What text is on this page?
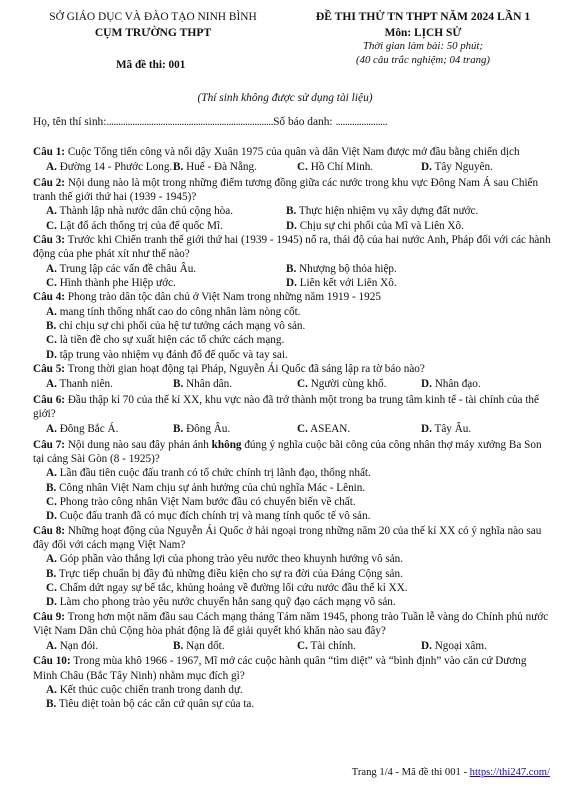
SỞ GIÁO DỤC VÀ ĐÀO TẠO NINH BÌNH
CỤM TRƯỜNG THPT
Mã đề thi: 001
ĐỀ THI THỬ TN THPT NĂM 2024 LẦN 1
Môn: LỊCH SỬ
Thời gian làm bài: 50 phút;
(40 câu trắc nghiệm; 04 trang)
(Thí sinh không được sử dụng tài liệu)
Họ, tên thí sinh:.......................................................................Số báo danh: ......................
Câu 1: Cuộc Tổng tiến công và nổi dậy Xuân 1975 của quân và dân Việt Nam được mở đầu bằng chiến dịch
A. Đường 14 - Phước Long. B. Huế - Đà Nẵng.	C. Hồ Chí Minh.	D. Tây Nguyên.
Câu 2: Nội dung nào là một trong những điểm tương đồng giữa các nước trong khu vực Đông Nam Á sau Chiến tranh thế giới thứ hai (1939 - 1945)?
A. Thành lập nhà nước dân chủ cộng hòa.	B. Thực hiện nhiệm vụ xây dựng đất nước.
C. Lật đổ ách thống trị của đế quốc Mĩ.	D. Chịu sự chi phối của Mĩ và Liên Xô.
Câu 3: Trước khi Chiến tranh thế giới thứ hai (1939 - 1945) nổ ra, thái độ của hai nước Anh, Pháp đối với các hành động của phe phát xít như thế nào?
A. Trung lập các vấn đề châu Âu.	B. Nhượng bộ thỏa hiệp.
C. Hình thành phe Hiệp ước.	D. Liên kết với Liên Xô.
Câu 4: Phong trào dân tộc dân chủ ở Việt Nam trong những năm 1919 - 1925
A. mang tính thống nhất cao do công nhân làm nòng cốt.
B. chỉ chịu sự chi phối của hệ tư tưởng cách mạng vô sản.
C. là tiền đề cho sự xuất hiện các tổ chức cách mạng.
D. tập trung vào nhiệm vụ đánh đổ đế quốc và tay sai.
Câu 5: Trong thời gian hoạt động tại Pháp, Nguyễn Ái Quốc đã sáng lập ra tờ báo nào?
A. Thanh niên.	B. Nhân dân.	C. Người cùng khổ.	D. Nhân đạo.
Câu 6: Đầu thập kỉ 70 của thế kỉ XX, khu vực nào đã trở thành một trong ba trung tâm kinh tế - tài chính của thế giới?
A. Đông Bắc Á.	B. Đông Âu.	C. ASEAN.	D. Tây Âu.
Câu 7: Nội dung nào sau đây phản ánh không đúng ý nghĩa cuộc bãi công của công nhân thợ máy xưởng Ba Son tại cảng Sài Gòn (8 - 1925)?
A. Lần đầu tiên cuộc đấu tranh có tổ chức chính trị lãnh đạo, thống nhất.
B. Công nhân Việt Nam chịu sự ảnh hưởng của chủ nghĩa Mác - Lênin.
C. Phong trào công nhân Việt Nam bước đầu có chuyển biến về chất.
D. Cuộc đấu tranh đã có mục đích chính trị và mang tính quốc tế vô sản.
Câu 8: Những hoạt động của Nguyễn Ái Quốc ở hải ngoại trong những năm 20 của thế kỉ XX có ý nghĩa nào sau đây đối với cách mạng Việt Nam?
A. Góp phần vào thắng lợi của phong trào yêu nước theo khuynh hướng vô sản.
B. Trực tiếp chuẩn bị đầy đủ những điều kiện cho sự ra đời của Đảng Cộng sản.
C. Chấm dứt ngay sự bế tắc, khủng hoảng về đường lối cứu nước đầu thế kỉ XX.
D. Làm cho phong trào yêu nước chuyển hẳn sang quỹ đạo cách mạng vô sản.
Câu 9: Trong hơn một năm đầu sau Cách mạng tháng Tám năm 1945, phong trào Tuần lễ vàng do Chính phủ nước Việt Nam Dân chủ Cộng hòa phát động là để giải quyết khó khăn nào sau đây?
A. Nạn đói.	B. Nạn dốt.	C. Tài chính.	D. Ngoại xâm.
Câu 10: Trong mùa khô 1966 - 1967, Mĩ mở các cuộc hành quân “tìm diệt” và “bình định” vào căn cứ Dương Minh Châu (Bắc Tây Ninh) nhằm mục đích gì?
A. Kết thúc cuộc chiến tranh trong danh dự.
B. Tiêu diệt toàn bộ các căn cứ quân sự của ta.
Trang 1/4 - Mã đề thi 001 - https://thi247.com/
